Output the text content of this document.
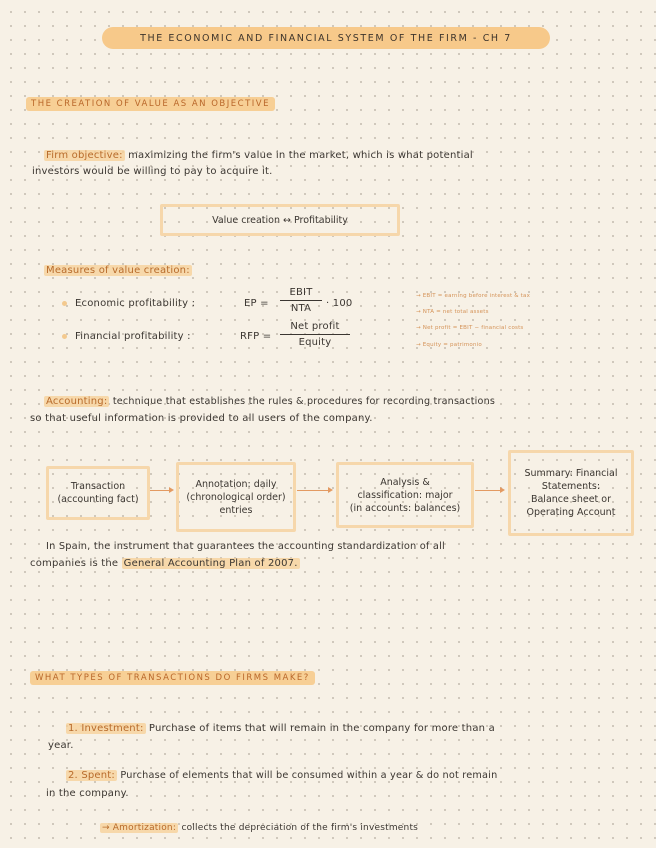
THE ECONOMIC AND FINANCIAL SYSTEM OF THE FIRM - CH 7
THE CREATION OF VALUE AS AN OBJECTIVE
Firm objective: maximizing the firm's value in the market, which is what potential
investors would be willing to pay to acquire it.
Value creation ↔ Profitability
Measures of value creation:
Economic profitability :	EP =
EBIT
NTA	· 100
Financial profitability :	RFP =
Net profit
Equity
→ EBIT = earning before interest & tax
→ NTA = net total assets
→ Net profit = EBIT − financial costs
→ Equity = patrimonio
Accounting: technique that establishes the rules & procedures for recording transactions
so that useful information is provided to all users of the company.
Transaction
(accounting fact)
Annotation: daily
(chronological order)
entries
Analysis &
classification: major
(in accounts: balances)
Summary: Financial
Statements:
Balance sheet or
Operating Account
In Spain, the instrument that guarantees the accounting standardization of all
companies is the General Accounting Plan of 2007.
WHAT TYPES OF TRANSACTIONS DO FIRMS MAKE?
1. Investment: Purchase of items that will remain in the company for more than a
year.
2. Spent: Purchase of elements that will be consumed within a year & do not remain
in the company.
→ Amortization: collects the depreciation of the firm's investments
